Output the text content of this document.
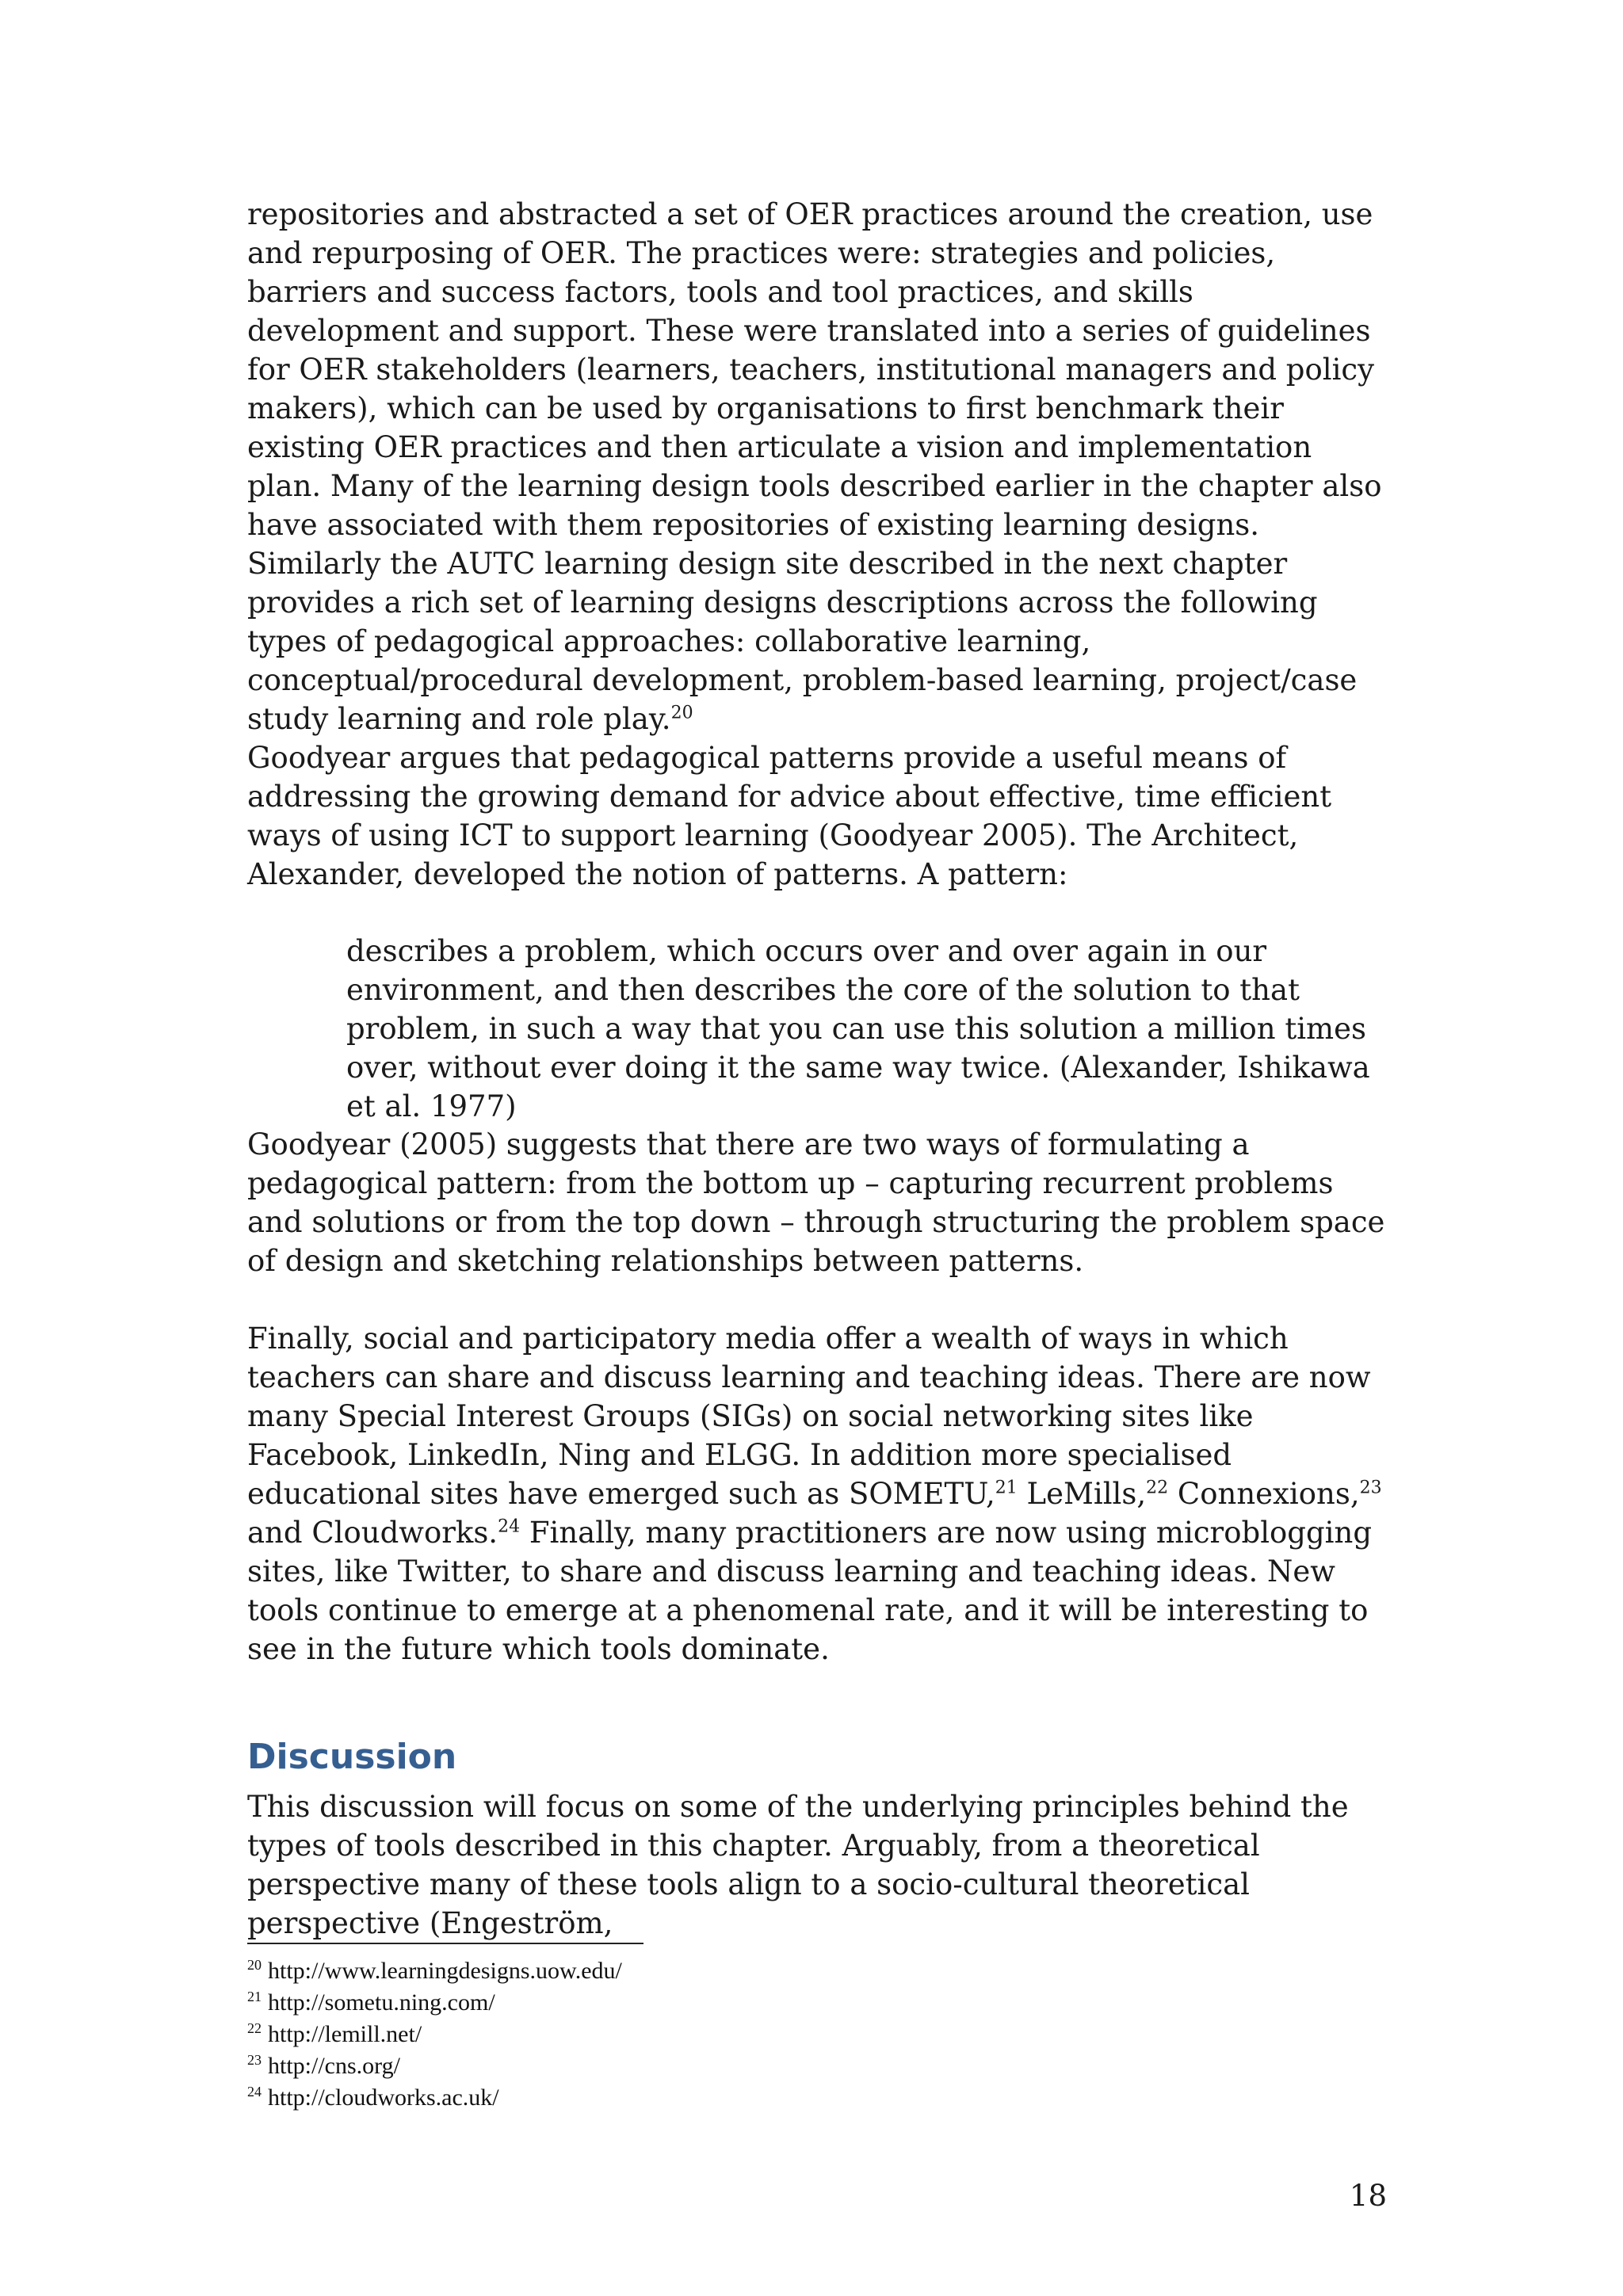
repositories and abstracted a set of OER practices around the creation, use and repurposing of OER. The practices were: strategies and policies, barriers and success factors, tools and tool practices, and skills development and support. These were translated into a series of guidelines for OER stakeholders (learners, teachers, institutional managers and policy makers), which can be used by organisations to first benchmark their existing OER practices and then articulate a vision and implementation plan. Many of the learning design tools described earlier in the chapter also have associated with them repositories of existing learning designs. Similarly the AUTC learning design site described in the next chapter provides a rich set of learning designs descriptions across the following types of pedagogical approaches: collaborative learning, conceptual/procedural development, problem-based learning, project/case study learning and role play.$^{20}$

Goodyear argues that pedagogical patterns provide a useful means of addressing the growing demand for advice about effective, time efficient ways of using ICT to support learning (Goodyear 2005). The Architect, Alexander, developed the notion of patterns. A pattern:

describes a problem, which occurs over and over again in our environment, and then describes the core of the solution to that problem, in such a way that you can use this solution a million times over, without ever doing it the same way twice. (Alexander, Ishikawa et al. 1977)

Goodyear (2005) suggests that there are two ways of formulating a pedagogical pattern: from the bottom up – capturing recurrent problems and solutions or from the top down – through structuring the problem space of design and sketching relationships between patterns.

Finally, social and participatory media offer a wealth of ways in which teachers can share and discuss learning and teaching ideas. There are now many Special Interest Groups (SIGs) on social networking sites like Facebook, LinkedIn, Ning and ELGG. In addition more specialised educational sites have emerged such as SOMETU,$^{21}$ LeMills,$^{22}$ Connexions,$^{23}$ and Cloudworks.$^{24}$ Finally, many practitioners are now using microblogging sites, like Twitter, to share and discuss learning and teaching ideas. New tools continue to emerge at a phenomenal rate, and it will be interesting to see in the future which tools dominate.

Discussion

This discussion will focus on some of the underlying principles behind the types of tools described in this chapter. Arguably, from a theoretical perspective many of these tools align to a socio-cultural theoretical perspective (Engeström,

$^{20}$ http://www.learningdesigns.uow.edu/
$^{21}$ http://sometu.ning.com/
$^{22}$ http://lemill.net/
$^{23}$ http://cns.org/
$^{24}$ http://cloudworks.ac.uk/
18
